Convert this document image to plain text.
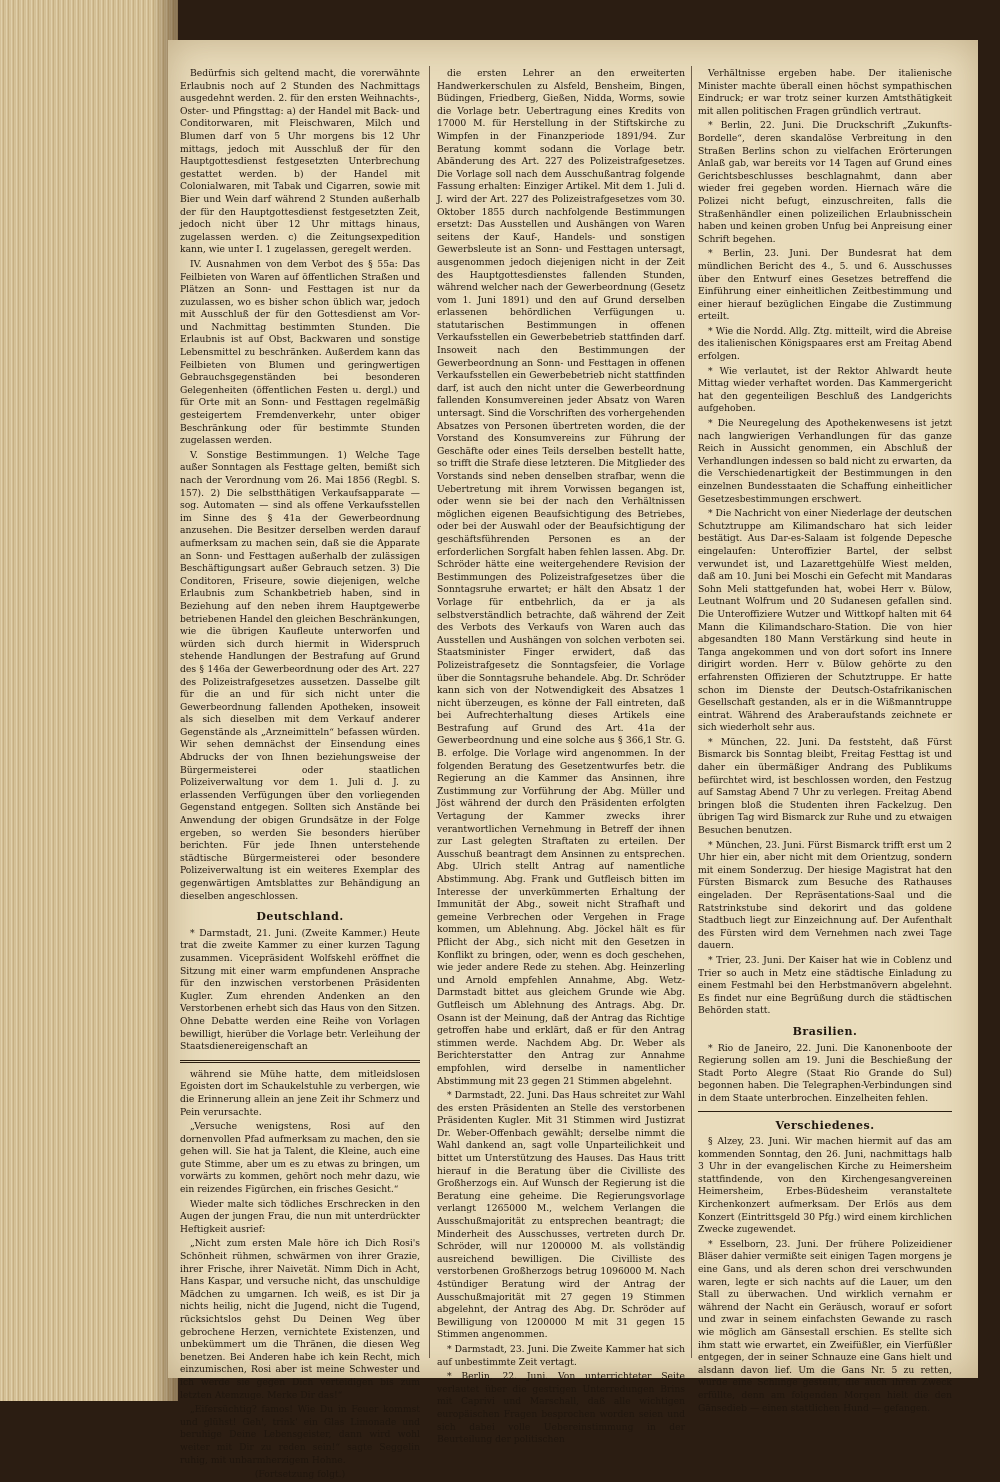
Bedürfnis sich geltend macht, die vorerwähnte Erlaubnis noch auf 2 Stunden des Nachmittags ausgedehnt werden. 2. für den ersten Weihnachts-, Oster- und Pfingsttag: a) der Handel mit Back- und Conditorwaren, mit Fleischwaren, Milch und Blumen darf von 5 Uhr morgens bis 12 Uhr mittags, jedoch mit Ausschluß der für den Hauptgottesdienst festgesetzten Unterbrechung gestattet werden. b) der Handel mit Colonialwaren, mit Tabak und Cigarren, sowie mit Bier und Wein darf während 2 Stunden außerhalb der für den Hauptgottesdienst festgesetzten Zeit, jedoch nicht über 12 Uhr mittags hinaus, zugelassen werden. c) die Zeitungsexpedition kann, wie unter I. 1 zugelassen, geregelt werden.

IV. Ausnahmen von dem Verbot des § 55a: Das Feilbieten von Waren auf öffentlichen Straßen und Plätzen an Sonn- und Festtagen ist nur da zuzulassen, wo es bisher schon üblich war, jedoch mit Ausschluß der für den Gottesdienst am Vor- und Nachmittag bestimmten Stunden. Die Erlaubnis ist auf Obst, Backwaren und sonstige Lebensmittel zu beschränken. Außerdem kann das Feilbieten von Blumen und geringwertigen Gebrauchsgegenständen bei besonderen Gelegenheiten (öffentlichen Festen u. dergl.) und für Orte mit an Sonn- und Festtagen regelmäßig gesteigertem Fremdenverkehr, unter obiger Beschränkung oder für bestimmte Stunden zugelassen werden.

V. Sonstige Bestimmungen. 1) Welche Tage außer Sonntagen als Festtage gelten, bemißt sich nach der Verordnung vom 26. Mai 1856 (Regbl. S. 157). 2) Die selbstthätigen Verkaufsapparate — sog. Automaten — sind als offene Verkaufsstellen im Sinne des § 41a der Gewerbeordnung anzusehen. Die Besitzer derselben werden darauf aufmerksam zu machen sein, daß sie die Apparate an Sonn- und Festtagen außerhalb der zulässigen Beschäftigungsart außer Gebrauch setzen. 3) Die Conditoren, Friseure, sowie diejenigen, welche Erlaubnis zum Schankbetrieb haben, sind in Beziehung auf den neben ihrem Hauptgewerbe betriebenen Handel den gleichen Beschränkungen, wie die übrigen Kaufleute unterworfen und würden sich durch hiermit in Widerspruch stehende Handlungen der Bestrafung auf Grund des § 146a der Gewerbeordnung oder des Art. 227 des Polizeistrafgesetzes aussetzen. Dasselbe gilt für die an und für sich nicht unter die Gewerbeordnung fallenden Apotheken, insoweit als sich dieselben mit dem Verkauf anderer Gegenstände als „Arzneimitteln“ befassen würden. Wir sehen demnächst der Einsendung eines Abdrucks der von Ihnen beziehungsweise der Bürgermeisterei oder staatlichen Polizeiverwaltung vor dem 1. Juli d. J. zu erlassenden Verfügungen über den vorliegenden Gegenstand entgegen. Sollten sich Anstände bei Anwendung der obigen Grundsätze in der Folge ergeben, so werden Sie besonders hierüber berichten. Für jede Ihnen unterstehende städtische Bürgermeisterei oder besondere Polizeiverwaltung ist ein weiteres Exemplar des gegenwärtigen Amtsblattes zur Behändigung an dieselben angeschlossen.

Deutschland.

* Darmstadt, 21. Juni. (Zweite Kammer.) Heute trat die zweite Kammer zu einer kurzen Tagung zusammen. Vicepräsident Wolfskehl eröffnet die Sitzung mit einer warm empfundenen Ansprache für den inzwischen verstorbenen Präsidenten Kugler. Zum ehrenden Andenken an den Verstorbenen erhebt sich das Haus von den Sitzen. Ohne Debatte werden eine Reihe von Vorlagen bewilligt, hierüber die Vorlage betr. Verleihung der Staatsdienereigenschaft an

während sie Mühe hatte, dem mitleidslosen Egoisten dort im Schaukelstuhle zu verbergen, wie die Erinnerung allein an jene Zeit ihr Schmerz und Pein verursachte.

„Versuche wenigstens, Rosi auf den dornenvollen Pfad aufmerksam zu machen, den sie gehen will. Sie hat ja Talent, die Kleine, auch eine gute Stimme, aber um es zu etwas zu bringen, um vorwärts zu kommen, gehört noch mehr dazu, wie ein reizendes Figürchen, ein frisches Gesicht.“

Wieder malte sich tödliches Erschrecken in den Augen der jungen Frau, die nun mit unterdrückter Heftigkeit ausrief:

„Nicht zum ersten Male höre ich Dich Rosi's Schönheit rühmen, schwärmen von ihrer Grazie, ihrer Frische, ihrer Naivetät. Nimm Dich in Acht, Hans Kaspar, und versuche nicht, das unschuldige Mädchen zu umgarnen. Ich weiß, es ist Dir ja nichts heilig, nicht die Jugend, nicht die Tugend, rücksichtslos gehst Du Deinen Weg über gebrochene Herzen, vernichtete Existenzen, und unbekümmert um die Thränen, die diesen Weg benetzen. Bei Anderen habe ich kein Recht, mich einzumischen, Rosi aber ist meine Schwester und ich werde sie gegen Dich verteidigen bis zum letzten Atemzuge. Merke Dir das!“

„Eifersüchtig? famos! Wie Du in Feuer kommst und glühst! Geh', trink' ein Glas Limonade und beruhige Deine Lebensgeister, dann wird wohl weiter mit Dir zu reden sein!“ sagte Seggelin ruhig, mit unbarmherzigem Hohne.

(Fortsetzung folgt.)

die ersten Lehrer an den erweiterten Handwerkerschulen zu Alsfeld, Bensheim, Bingen, Büdingen, Friedberg, Gießen, Nidda, Worms, sowie die Vorlage betr. Uebertragung eines Kredits von 17000 M. für Herstellung in der Stiftskirche zu Wimpfen in der Finanzperiode 1891/94. Zur Beratung kommt sodann die Vorlage betr. Abänderung des Art. 227 des Polizeistrafgesetzes. Die Vorlage soll nach dem Ausschußantrag folgende Fassung erhalten: Einziger Artikel. Mit dem 1. Juli d. J. wird der Art. 227 des Polizeistrafgesetzes vom 30. Oktober 1855 durch nachfolgende Bestimmungen ersetzt: Das Ausstellen und Aushängen von Waren seitens der Kauf-, Handels- und sonstigen Gewerbsleute ist an Sonn- und Festtagen untersagt, ausgenommen jedoch diejenigen nicht in der Zeit des Hauptgottesdienstes fallenden Stunden, während welcher nach der Gewerbeordnung (Gesetz vom 1. Juni 1891) und den auf Grund derselben erlassenen behördlichen Verfügungen u. statutarischen Bestimmungen in offenen Verkaufsstellen ein Gewerbebetrieb stattfinden darf. Insoweit nach den Bestimmungen der Gewerbeordnung an Sonn- und Festtagen in offenen Verkaufsstellen ein Gewerbebetrieb nicht stattfinden darf, ist auch den nicht unter die Gewerbeordnung fallenden Konsumvereinen jeder Absatz von Waren untersagt. Sind die Vorschriften des vorhergehenden Absatzes von Personen übertreten worden, die der Vorstand des Konsumvereins zur Führung der Geschäfte oder eines Teils derselben bestellt hatte, so trifft die Strafe diese letzteren. Die Mitglieder des Vorstands sind neben denselben strafbar, wenn die Uebertretung mit ihrem Vorwissen begangen ist, oder wenn sie bei der nach den Verhältnissen möglichen eigenen Beaufsichtigung des Betriebes, oder bei der Auswahl oder der Beaufsichtigung der geschäftsführenden Personen es an der erforderlichen Sorgfalt haben fehlen lassen. Abg. Dr. Schröder hätte eine weitergehendere Revision der Bestimmungen des Polizeistrafgesetzes über die Sonntagsruhe erwartet; er hält den Absatz 1 der Vorlage für entbehrlich, da er ja als selbstverständlich betrachte, daß während der Zeit des Verbots des Verkaufs von Waren auch das Ausstellen und Aushängen von solchen verboten sei. Staatsminister Finger erwidert, daß das Polizeistrafgesetz die Sonntagsfeier, die Vorlage über die Sonntagsruhe behandele. Abg. Dr. Schröder kann sich von der Notwendigkeit des Absatzes 1 nicht überzeugen, es könne der Fall eintreten, daß bei Aufrechterhaltung dieses Artikels eine Bestrafung auf Grund des Art. 41a der Gewerbeordnung und eine solche aus § 366,1 Str. G. B. erfolge. Die Vorlage wird angenommen. In der folgenden Beratung des Gesetzentwurfes betr. die Regierung an die Kammer das Ansinnen, ihre Zustimmung zur Vorführung der Abg. Müller und Jöst während der durch den Präsidenten erfolgten Vertagung der Kammer zwecks ihrer verantwortlichen Vernehmung in Betreff der ihnen zur Last gelegten Straftaten zu erteilen. Der Ausschuß beantragt dem Ansinnen zu entsprechen. Abg. Ulrich stellt Antrag auf namentliche Abstimmung. Abg. Frank und Gutfleisch bitten im Interesse der unverkümmerten Erhaltung der Immunität der Abg., soweit nicht Strafhaft und gemeine Verbrechen oder Vergehen in Frage kommen, um Ablehnung. Abg. Jöckel hält es für Pflicht der Abg., sich nicht mit den Gesetzen in Konflikt zu bringen, oder, wenn es doch geschehen, wie jeder andere Rede zu stehen. Abg. Heinzerling und Arnold empfehlen Annahme, Abg. Wetz-Darmstadt bittet aus gleichem Grunde wie Abg. Gutfleisch um Ablehnung des Antrags. Abg. Dr. Osann ist der Meinung, daß der Antrag das Richtige getroffen habe und erklärt, daß er für den Antrag stimmen werde. Nachdem Abg. Dr. Weber als Berichterstatter den Antrag zur Annahme empfohlen, wird derselbe in namentlicher Abstimmung mit 23 gegen 21 Stimmen abgelehnt.

* Darmstadt, 22. Juni. Das Haus schreitet zur Wahl des ersten Präsidenten an Stelle des verstorbenen Präsidenten Kugler. Mit 31 Stimmen wird Justizrat Dr. Weber-Offenbach gewählt; derselbe nimmt die Wahl dankend an, sagt volle Unparteilichkeit und bittet um Unterstützung des Hauses. Das Haus tritt hierauf in die Beratung über die Civilliste des Großherzogs ein. Auf Wunsch der Regierung ist die Beratung eine geheime. Die Regierungsvorlage verlangt 1265000 M., welchem Verlangen die Ausschußmajorität zu entsprechen beantragt; die Minderheit des Ausschusses, vertreten durch Dr. Schröder, will nur 1200000 M. als vollständig ausreichend bewilligen. Die Civilliste des verstorbenen Großherzogs betrug 1096000 M. Nach 4stündiger Beratung wird der Antrag der Ausschußmajorität mit 27 gegen 19 Stimmen abgelehnt, der Antrag des Abg. Dr. Schröder auf Bewilligung von 1200000 M mit 31 gegen 15 Stimmen angenommen.

* Darmstadt, 23. Juni. Die Zweite Kammer hat sich auf unbestimmte Zeit vertagt.

* Berlin, 22. Juni. Von unterrichteter Seite verlautet über die gestrigen Unterredungen Brins mit Caprivi und Marschall, daß alle wichtigen europäischen Fragen besprochen worden seien und sich dabei volle Uebereinstimmung in der Beurteilung der politischen

Verhältnisse ergeben habe. Der italienische Minister machte überall einen höchst sympathischen Eindruck; er war trotz seiner kurzen Amtsthätigkeit mit allen politischen Fragen gründlich vertraut.

* Berlin, 22. Juni. Die Druckschrift „Zukunfts-Bordelle“, deren skandalöse Verbreitung in den Straßen Berlins schon zu vielfachen Erörterungen Anlaß gab, war bereits vor 14 Tagen auf Grund eines Gerichtsbeschlusses beschlagnahmt, dann aber wieder frei gegeben worden. Hiernach wäre die Polizei nicht befugt, einzuschreiten, falls die Straßenhändler einen polizeilichen Erlaubnisschein haben und keinen groben Unfug bei Anpreisung einer Schrift begehen.

* Berlin, 23. Juni. Der Bundesrat hat dem mündlichen Bericht des 4., 5. und 6. Ausschusses über den Entwurf eines Gesetzes betreffend die Einführung einer einheitlichen Zeitbestimmung und einer hierauf bezüglichen Eingabe die Zustimmung erteilt.

* Wie die Nordd. Allg. Ztg. mitteilt, wird die Abreise des italienischen Königspaares erst am Freitag Abend erfolgen.

* Wie verlautet, ist der Rektor Ahlwardt heute Mittag wieder verhaftet worden. Das Kammergericht hat den gegenteiligen Beschluß des Landgerichts aufgehoben.

* Die Neuregelung des Apothekenwesens ist jetzt nach langwierigen Verhandlungen für das ganze Reich in Aussicht genommen, ein Abschluß der Verhandlungen indessen so bald nicht zu erwarten, da die Verschiedenartigkeit der Bestimmungen in den einzelnen Bundesstaaten die Schaffung einheitlicher Gesetzesbestimmungen erschwert.

* Die Nachricht von einer Niederlage der deutschen Schutztruppe am Kilimandscharo hat sich leider bestätigt. Aus Dar-es-Salaam ist folgende Depesche eingelaufen: Unteroffizier Bartel, der selbst verwundet ist, und Lazarettgehülfe Wiest melden, daß am 10. Juni bei Moschi ein Gefecht mit Mandaras Sohn Meli stattgefunden hat, wobei Herr v. Bülow, Leutnant Wolfrum und 20 Sudanesen gefallen sind. Die Unteroffiziere Wutzer und Wittkopf halten mit 64 Mann die Kilimandscharo-Station. Die von hier abgesandten 180 Mann Verstärkung sind heute in Tanga angekommen und von dort sofort ins Innere dirigirt worden. Herr v. Bülow gehörte zu den erfahrensten Offizieren der Schutztruppe. Er hatte schon im Dienste der Deutsch-Ostafrikanischen Gesellschaft gestanden, als er in die Wißmanntruppe eintrat. Während des Araberaufstands zeichnete er sich wiederholt sehr aus.

* München, 22. Juni. Da feststeht, daß Fürst Bismarck bis Sonntag bleibt, Freitag Festtag ist und daher ein übermäßiger Andrang des Publikums befürchtet wird, ist beschlossen worden, den Festzug auf Samstag Abend 7 Uhr zu verlegen. Freitag Abend bringen bloß die Studenten ihren Fackelzug. Den übrigen Tag wird Bismarck zur Ruhe und zu etwaigen Besuchen benutzen.

* München, 23. Juni. Fürst Bismarck trifft erst um 2 Uhr hier ein, aber nicht mit dem Orientzug, sondern mit einem Sonderzug. Der hiesige Magistrat hat den Fürsten Bismarck zum Besuche des Rathauses eingeladen. Der Repräsentations-Saal und die Ratstrinkstube sind dekorirt und das goldene Stadtbuch liegt zur Einzeichnung auf. Der Aufenthalt des Fürsten wird dem Vernehmen nach zwei Tage dauern.

* Trier, 23. Juni. Der Kaiser hat wie in Coblenz und Trier so auch in Metz eine städtische Einladung zu einem Festmahl bei den Herbstmanövern abgelehnt. Es findet nur eine Begrüßung durch die städtischen Behörden statt.

Brasilien.

* Rio de Janeiro, 22. Juni. Die Kanonenboote der Regierung sollen am 19. Juni die Beschießung der Stadt Porto Alegre (Staat Rio Grande do Sul) begonnen haben. Die Telegraphen-Verbindungen sind in dem Staate unterbrochen. Einzelheiten fehlen.

Verschiedenes.

§ Alzey, 23. Juni. Wir machen hiermit auf das am kommenden Sonntag, den 26. Juni, nachmittags halb 3 Uhr in der evangelischen Kirche zu Heimersheim stattfindende, von den Kirchengesangvereinen Heimersheim, Erbes-Büdesheim veranstaltete Kirchenkonzert aufmerksam. Der Erlös aus dem Konzert (Eintrittsgeld 30 Pfg.) wird einem kirchlichen Zwecke zugewendet.

* Esselborn, 23. Juni. Der frühere Polizeidiener Bläser dahier vermißte seit einigen Tagen morgens je eine Gans, und als deren schon drei verschwunden waren, legte er sich nachts auf die Lauer, um den Stall zu überwachen. Und wirklich vernahm er während der Nacht ein Geräusch, worauf er sofort und zwar in seinem einfachsten Gewande zu rasch wie möglich am Gänsestall erschien. Es stellte sich ihm statt wie erwartet, ein Zweifüßler, ein Vierfüßler entgegen, der in seiner Schnauze eine Gans hielt und alsdann davon lief. Um die Gans Nr. 5 zu retten, wurde eine Schlinge gestellt, die auch ihren Zweck erfüllte, denn am folgenden Morgen hielt die den Gänsedieb — einen stattlichen Hund — gefangen.
